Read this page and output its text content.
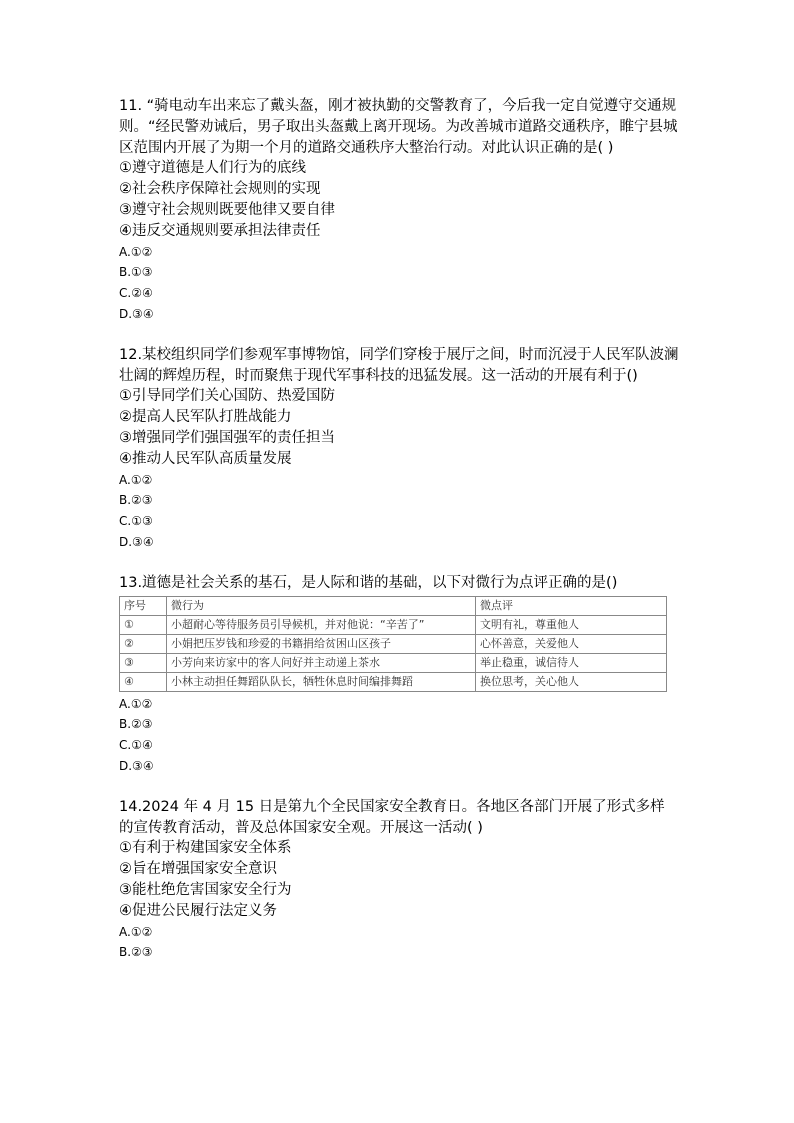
11. “骑电动车出来忘了戴头盔，刚才被执勤的交警教育了，今后我一定自觉遵守交通规则。“经民警劝诫后，男子取出头盔戴上离开现场。为改善城市道路交通秩序，睢宁县城区范围内开展了为期一个月的道路交通秩序大整治行动。对此认识正确的是( )

①遵守道德是人们行为的底线

②社会秩序保障社会规则的实现

③遵守社会规则既要他律又要自律

④违反交通规则要承担法律责任

A.①②

B.①③

C.②④

D.③④

12.某校组织同学们参观军事博物馆，同学们穿梭于展厅之间，时而沉浸于人民军队波澜壮阔的辉煌历程，时而聚焦于现代军事科技的迅猛发展。这一活动的开展有利于()

①引导同学们关心国防、热爱国防

②提高人民军队打胜战能力

③增强同学们强国强军的责任担当

④推动人民军队高质量发展

A.①②

B.②③

C.①③

D.③④

13.道德是社会关系的基石，是人际和谐的基础，以下对微行为点评正确的是()

序号	微行为	微点评
①	小超耐心等待服务员引导候机，并对他说：“辛苦了”	文明有礼，尊重他人
②	小娟把压岁钱和珍爱的书籍捐给贫困山区孩子	心怀善意，关爱他人
③	小芳向来访家中的客人问好并主动递上茶水	举止稳重，诚信待人
④	小林主动担任舞蹈队队长，牺牲休息时间编排舞蹈	换位思考，关心他人

A.①②

B.②③

C.①④

D.③④

14.2024 年 4 月 15 日是第九个全民国家安全教育日。各地区各部门开展了形式多样的宣传教育活动，普及总体国家安全观。开展这一活动( )

①有利于构建国家安全体系

②旨在增强国家安全意识

③能杜绝危害国家安全行为

④促进公民履行法定义务

A.①②

B.②③
